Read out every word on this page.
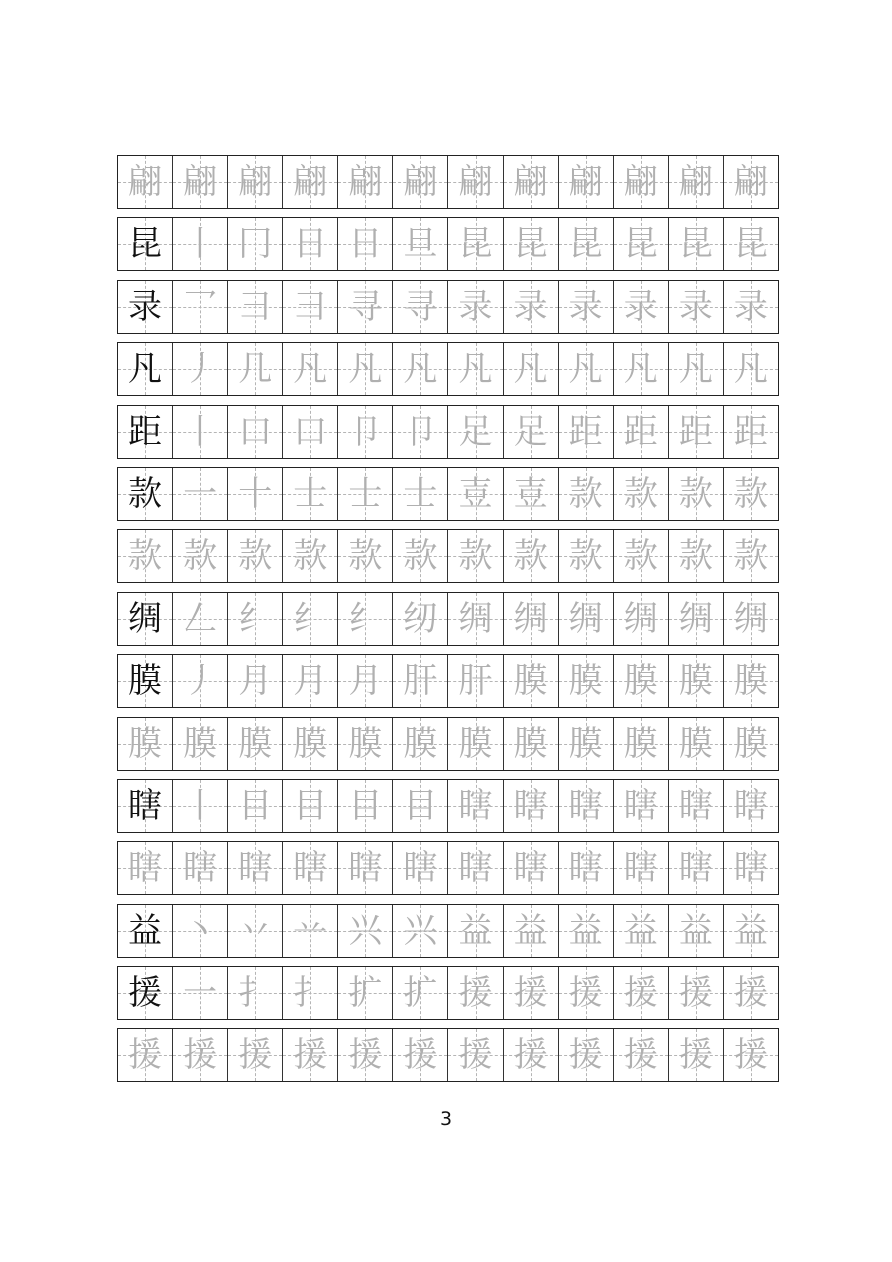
翩 翩 翩 翩 翩 翩 翩 翩 翩 翩 翩 翩
昆 丨 冂 日 日 旦 昆 昆 昆 昆 昆 昆
录 乛 彐 彐 寻 寻 录 录 录 录 录 录
凡 丿 几 凡 凡 凡 凡 凡 凡 凡 凡 凡
距 丨 口 口 卩 卩 足 足 距 距 距 距
款 一 十 士 士 士 壴 壴 款 款 款 款
款 款 款 款 款 款 款 款 款 款 款 款
绸 𠃋 纟 纟 纟 纫 绸 绸 绸 绸 绸 绸
膜 丿 月 月 月 肝 肝 膜 膜 膜 膜 膜
膜 膜 膜 膜 膜 膜 膜 膜 膜 膜 膜 膜
瞎 丨 目 目 目 目 瞎 瞎 瞎 瞎 瞎 瞎
瞎 瞎 瞎 瞎 瞎 瞎 瞎 瞎 瞎 瞎 瞎 瞎
益 丶 丷 䒑 兴 兴 益 益 益 益 益 益
援 一 扌 扌 扩 扩 援 援 援 援 援 援
援 援 援 援 援 援 援 援 援 援 援 援
3
